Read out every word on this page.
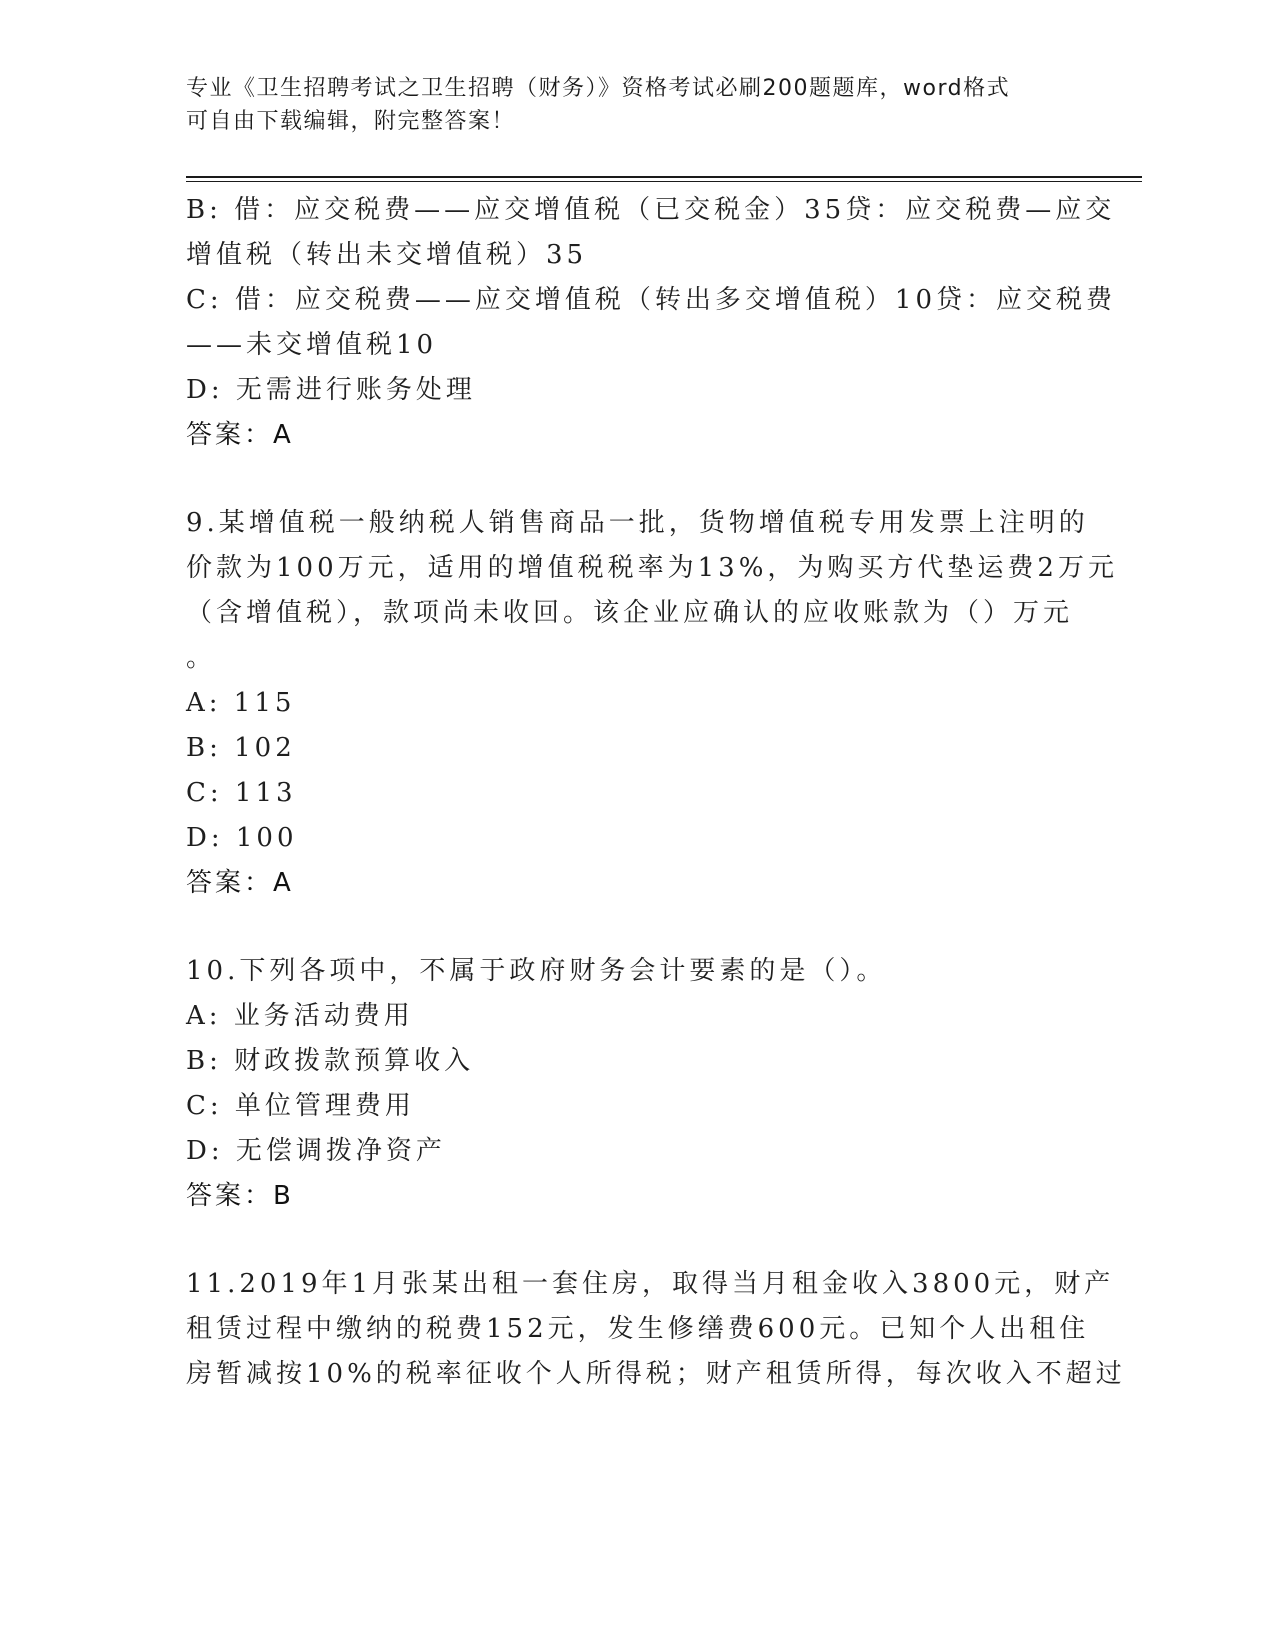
专业《卫生招聘考试之卫生招聘（财务）》资格考试必刷200题题库，word格式
可自由下载编辑，附完整答案！
B: 借：应交税费——应交增值税（已交税金）35贷：应交税费—应交
增值税（转出未交增值税）35
C: 借：应交税费——应交增值税（转出多交增值税）10贷：应交税费
——未交增值税10
D: 无需进行账务处理
答案：A
9.某增值税一般纳税人销售商品一批，货物增值税专用发票上注明的
价款为100万元，适用的增值税税率为13%，为购买方代垫运费2万元
（含增值税），款项尚未收回。该企业应确认的应收账款为（）万元
。
A: 115
B: 102
C: 113
D: 100
答案：A
10.下列各项中，不属于政府财务会计要素的是（）。
A: 业务活动费用
B: 财政拨款预算收入
C: 单位管理费用
D: 无偿调拨净资产
答案：B
11.2019年1月张某出租一套住房，取得当月租金收入3800元，财产
租赁过程中缴纳的税费152元，发生修缮费600元。已知个人出租住
房暂减按10%的税率征收个人所得税；财产租赁所得，每次收入不超过
